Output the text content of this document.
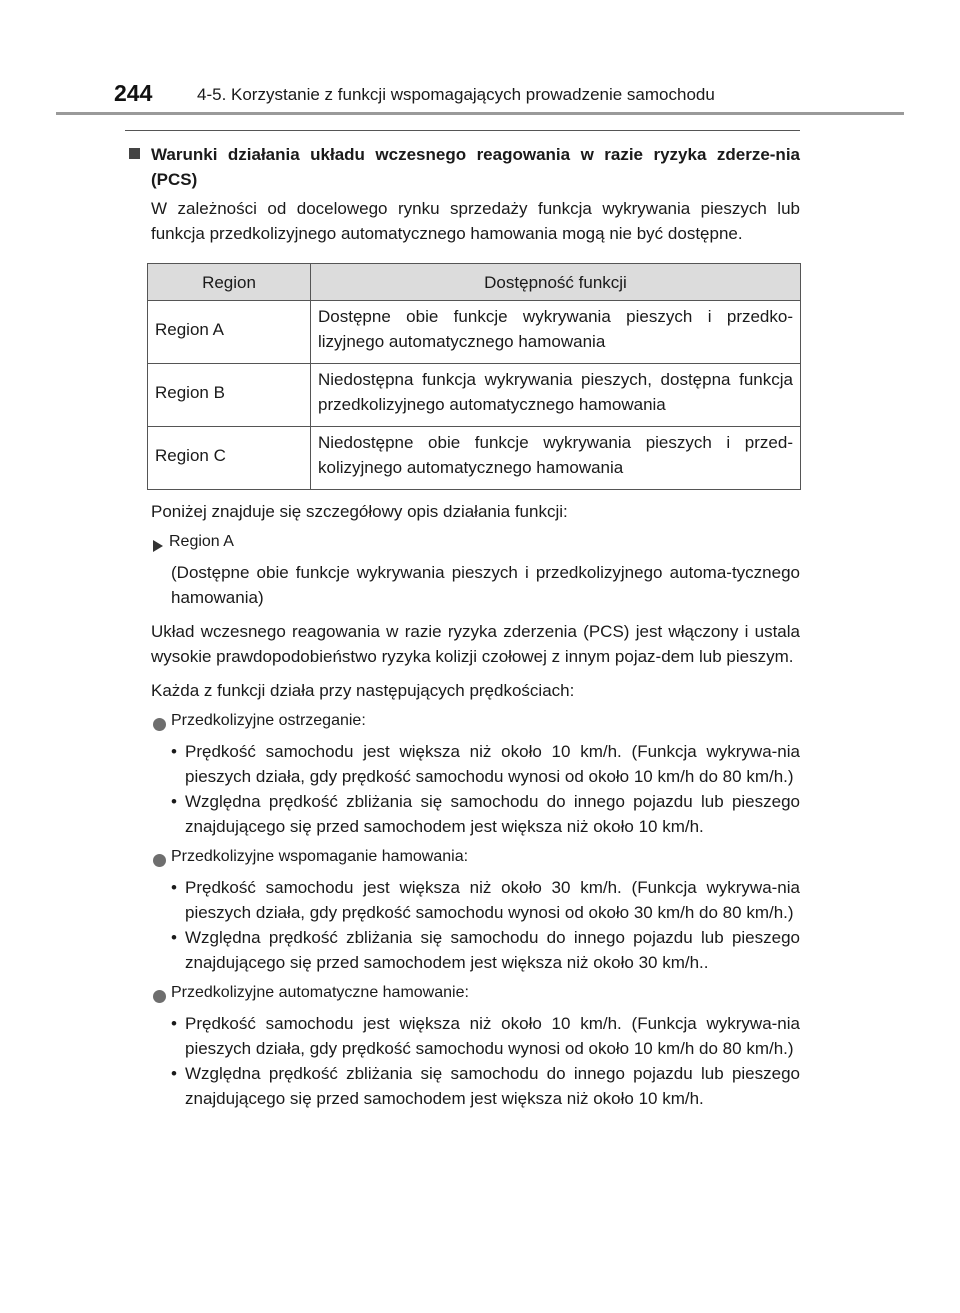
244	4-5. Korzystanie z funkcji wspomagających prowadzenie samochodu
Warunki działania układu wczesnego reagowania w razie ryzyka zderze-nia (PCS)

W zależności od docelowego rynku sprzedaży funkcja wykrywania pieszych lub funkcja przedkolizyjnego automatycznego hamowania mogą nie być dostępne.

Region	Dostępność funkcji
Region A	Dostępne obie funkcje wykrywania pieszych i przedko-lizyjnego automatycznego hamowania
Region B	Niedostępna funkcja wykrywania pieszych, dostępna funkcja przedkolizyjnego automatycznego hamowania
Region C	Niedostępne obie funkcje wykrywania pieszych i przed-kolizyjnego automatycznego hamowania

Poniżej znajduje się szczegółowy opis działania funkcji:

Region A

(Dostępne obie funkcje wykrywania pieszych i przedkolizyjnego automa-tycznego hamowania)

Układ wczesnego reagowania w razie ryzyka zderzenia (PCS) jest włączony i ustala wysokie prawdopodobieństwo ryzyka kolizji czołowej z innym pojaz-dem lub pieszym.

Każda z funkcji działa przy następujących prędkościach:

Przedkolizyjne ostrzeganie:
• Prędkość samochodu jest większa niż około 10 km/h. (Funkcja wykrywa-nia pieszych działa, gdy prędkość samochodu wynosi od około 10 km/h do 80 km/h.)
• Względna prędkość zbliżania się samochodu do innego pojazdu lub pieszego znajdującego się przed samochodem jest większa niż około 10 km/h.
Przedkolizyjne wspomaganie hamowania:
• Prędkość samochodu jest większa niż około 30 km/h. (Funkcja wykrywa-nia pieszych działa, gdy prędkość samochodu wynosi od około 30 km/h do 80 km/h.)
• Względna prędkość zbliżania się samochodu do innego pojazdu lub pieszego znajdującego się przed samochodem jest większa niż około 30 km/h..
Przedkolizyjne automatyczne hamowanie:
• Prędkość samochodu jest większa niż około 10 km/h. (Funkcja wykrywa-nia pieszych działa, gdy prędkość samochodu wynosi od około 10 km/h do 80 km/h.)
• Względna prędkość zbliżania się samochodu do innego pojazdu lub pieszego znajdującego się przed samochodem jest większa niż około 10 km/h.
